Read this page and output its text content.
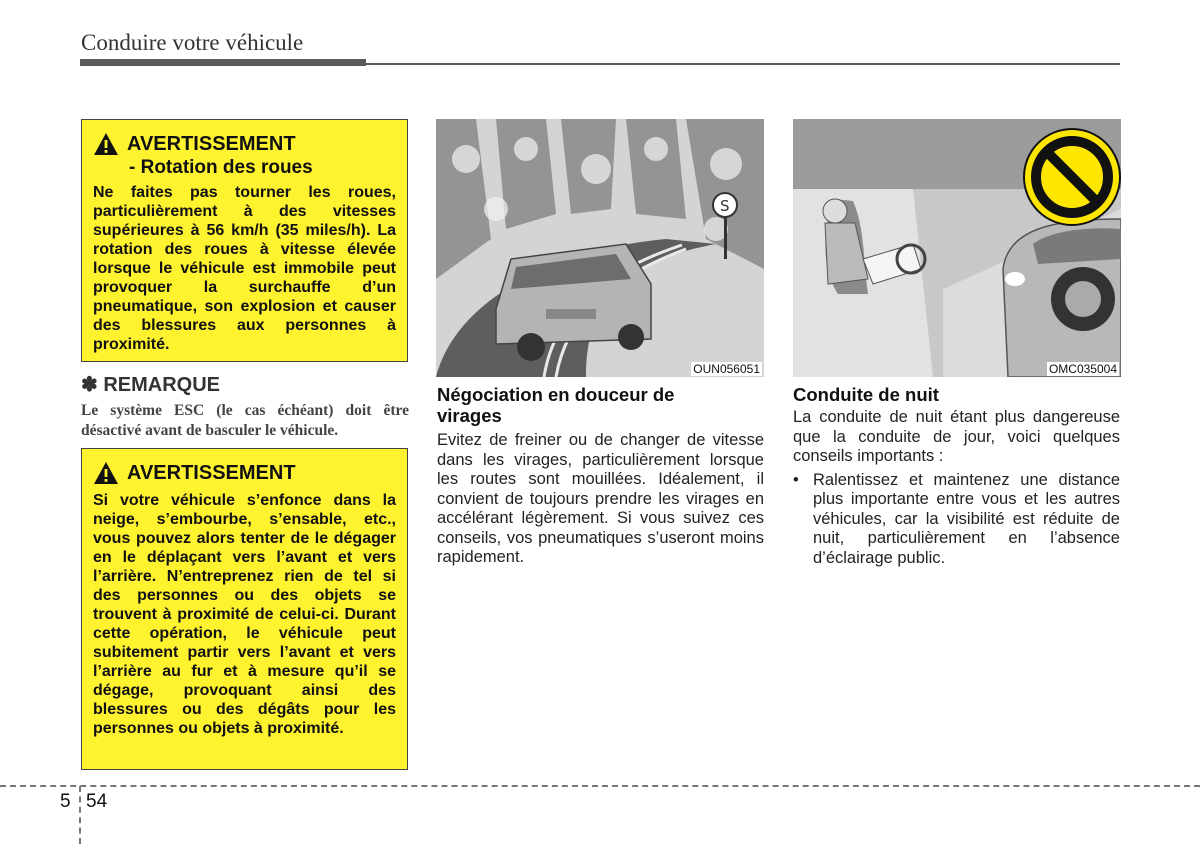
Conduire votre véhicule
AVERTISSEMENT
- Rotation des roues
Ne faites pas tourner les roues, particulièrement à des vitesses supérieures à 56 km/h (35 miles/h). La rotation des roues à vitesse élevée lorsque le véhicule est immobile peut provoquer la surchauffe d’un pneumatique, son explosion et causer des blessures aux personnes à proximité.
✽ REMARQUE
Le système ESC (le cas échéant) doit être désactivé avant de basculer le véhicule.
AVERTISSEMENT
Si votre véhicule s’enfonce dans la neige, s’embourbe, s’ensable, etc., vous pouvez alors tenter de le dégager en le déplaçant vers l’avant et vers l’arrière. N’entreprenez rien de tel si des personnes ou des objets se trouvent à proximité de celui-ci. Durant cette opération, le véhicule peut subitement partir vers l’avant et vers l’arrière au fur et à mesure qu’il se dégage, provoquant ainsi des blessures ou des dégâts pour les personnes ou objets à proximité.
S
OUN056051	OMC035004
Négociation en douceur de virages
Evitez de freiner ou de changer de vitesse dans les virages, particulièrement lorsque les routes sont mouillées. Idéalement, il convient de toujours prendre les virages en accélérant légèrement. Si vous suivez ces conseils, vos pneumatiques s’useront moins rapidement.
Conduite de nuit
La conduite de nuit étant plus dangereuse que la conduite de jour, voici quelques conseils importants :
• Ralentissez et maintenez une distance plus importante entre vous et les autres véhicules, car la visibilité est réduite de nuit, particulièrement en l’absence d’éclairage public.
5 54
